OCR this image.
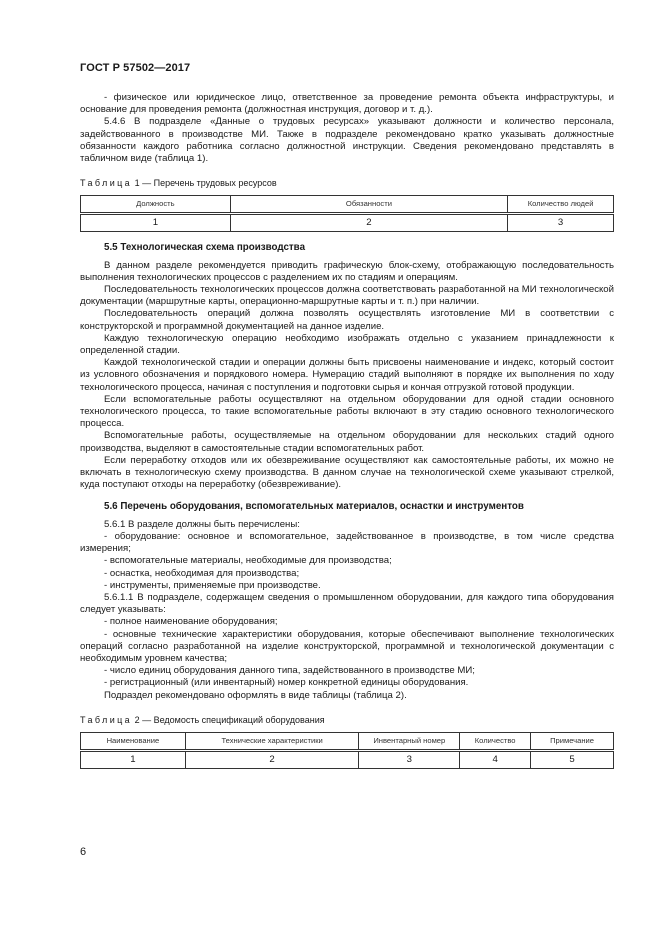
ГОСТ Р 57502—2017

- физическое или юридическое лицо, ответственное за проведение ремонта объекта инфраструктуры, и основание для проведения ремонта (должностная инструкция, договор и т. д.).

5.4.6 В подразделе «Данные о трудовых ресурсах» указывают должности и количество персонала, задействованного в производстве МИ. Также в подразделе рекомендовано кратко указывать должностные обязанности каждого работника согласно должностной инструкции. Сведения рекомендовано представлять в табличном виде (таблица 1).

Таблица 1 — Перечень трудовых ресурсов
Должность	Обязанности	Количество людей
1	2	3
5.5 Технологическая схема производства

В данном разделе рекомендуется приводить графическую блок-схему, отображающую последовательность выполнения технологических процессов с разделением их по стадиям и операциям.

Последовательность технологических процессов должна соответствовать разработанной на МИ технологической документации (маршрутные карты, операционно-маршрутные карты и т. п.) при наличии.

Последовательность операций должна позволять осуществлять изготовление МИ в соответствии с конструкторской и программной документацией на данное изделие.

Каждую технологическую операцию необходимо изображать отдельно с указанием принадлежности к определенной стадии.

Каждой технологической стадии и операции должны быть присвоены наименование и индекс, который состоит из условного обозначения и порядкового номера. Нумерацию стадий выполняют в порядке их выполнения по ходу технологического процесса, начиная с поступления и подготовки сырья и кончая отгрузкой готовой продукции.

Если вспомогательные работы осуществляют на отдельном оборудовании для одной стадии основного технологического процесса, то такие вспомогательные работы включают в эту стадию основного технологического процесса.

Вспомогательные работы, осуществляемые на отдельном оборудовании для нескольких стадий одного производства, выделяют в самостоятельные стадии вспомогательных работ.

Если переработку отходов или их обезвреживание осуществляют как самостоятельные работы, их можно не включать в технологическую схему производства. В данном случае на технологической схеме указывают стрелкой, куда поступают отходы на переработку (обезвреживание).

5.6 Перечень оборудования, вспомогательных материалов, оснастки и инструментов

5.6.1 В разделе должны быть перечислены:

- оборудование: основное и вспомогательное, задействованное в производстве, в том числе средства измерения;

- вспомогательные материалы, необходимые для производства;

- оснастка, необходимая для производства;

- инструменты, применяемые при производстве.

5.6.1.1 В подразделе, содержащем сведения о промышленном оборудовании, для каждого типа оборудования следует указывать:

- полное наименование оборудования;

- основные технические характеристики оборудования, которые обеспечивают выполнение технологических операций согласно разработанной на изделие конструкторской, программной и технологической документации с необходимым уровнем качества;

- число единиц оборудования данного типа, задействованного в производстве МИ;

- регистрационный (или инвентарный) номер конкретной единицы оборудования.

Подраздел рекомендовано оформлять в виде таблицы (таблица 2).

Таблица 2 — Ведомость спецификаций оборудования
Наименование	Технические характеристики	Инвентарный номер	Количество	Примечание
1	2	3	4	5
6
